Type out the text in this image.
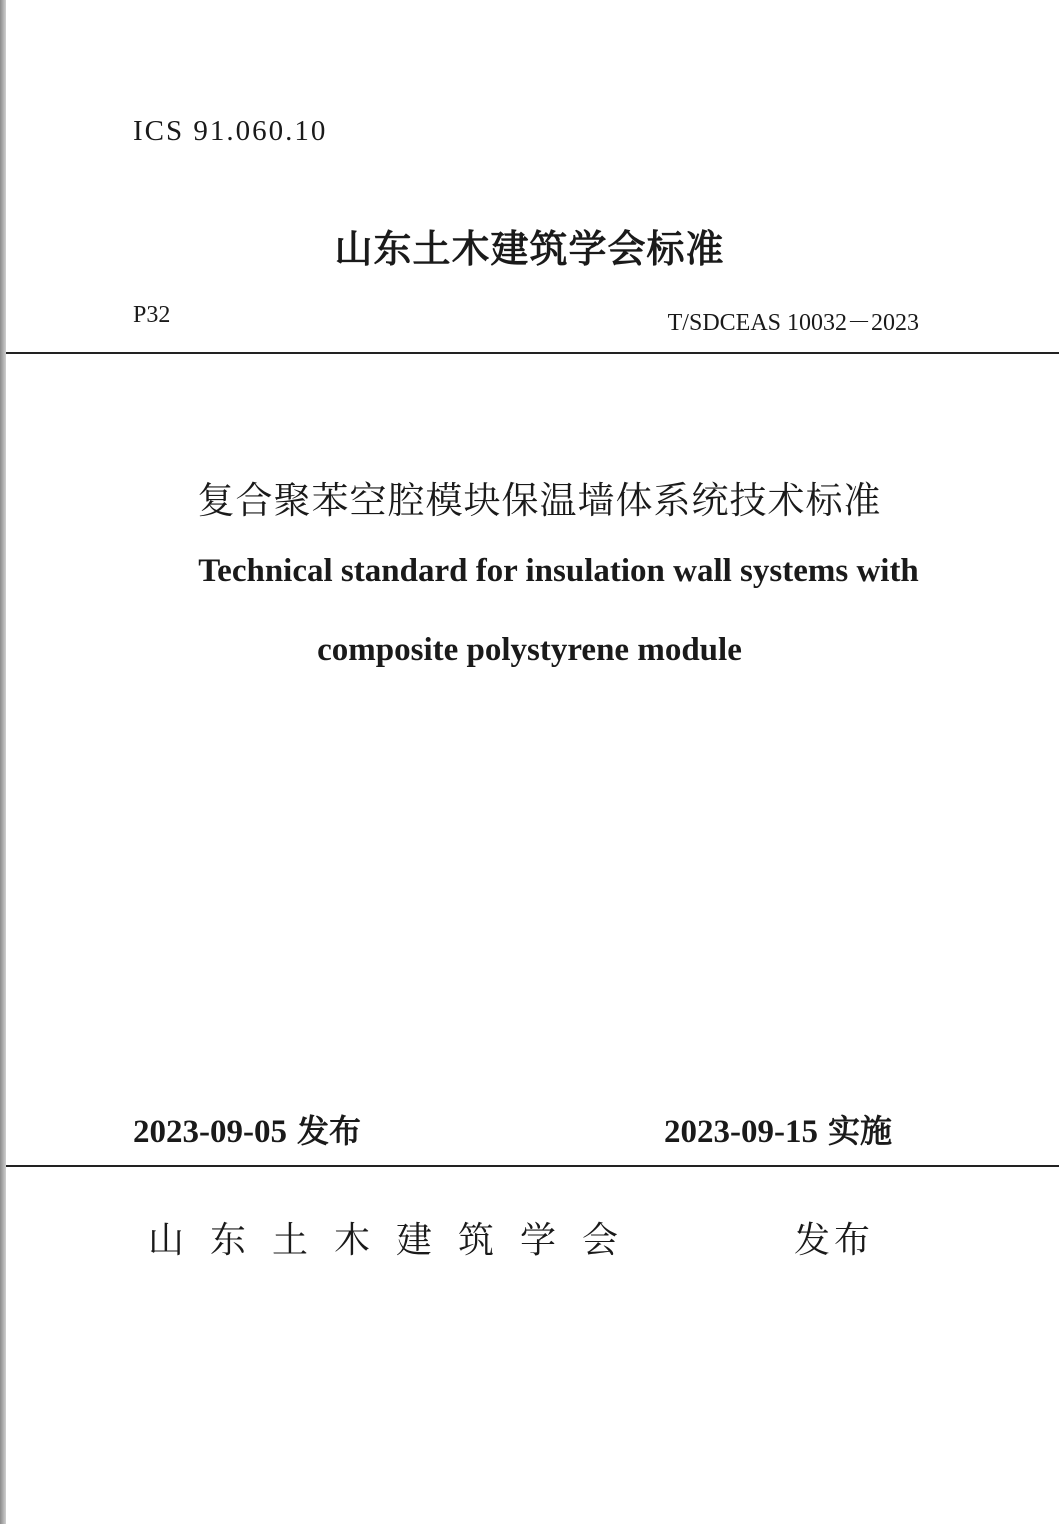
ICS 91.060.10
山东土木建筑学会标准
P32	T/SDCEAS 10032－2023
复合聚苯空腔模块保温墙体系统技术标准
Technical standard for insulation wall systems with
composite polystyrene module
2023-09-05 发布	2023-09-15 实施
山东土木建筑学会	发布
